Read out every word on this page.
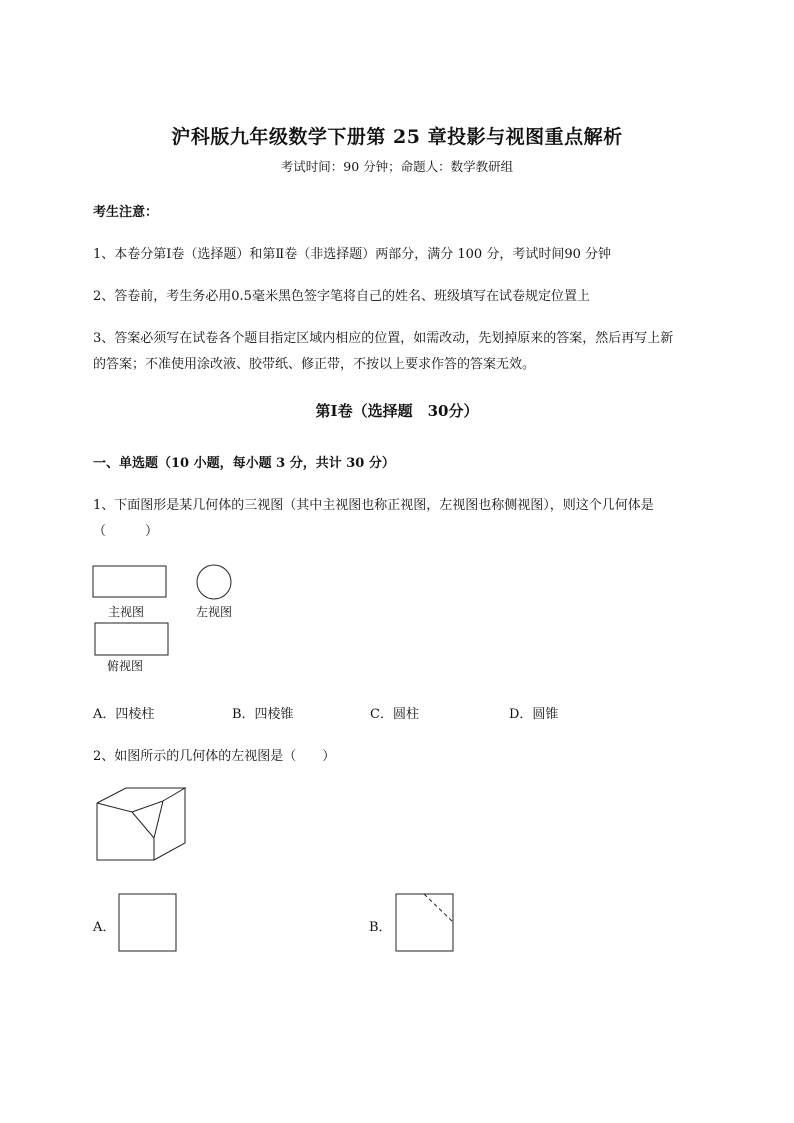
沪科版九年级数学下册第 25 章投影与视图重点解析
考试时间：90 分钟；命题人：数学教研组
考生注意：
1、本卷分第Ⅰ卷（选择题）和第Ⅱ卷（非选择题）两部分，满分 100 分，考试时间90 分钟
2、答卷前，考生务必用0.5毫米黑色签字笔将自己的姓名、班级填写在试卷规定位置上
3、答案必须写在试卷各个题目指定区域内相应的位置，如需改动，先划掉原来的答案，然后再写上新
的答案；不准使用涂改液、胶带纸、修正带，不按以上要求作答的答案无效。
第Ⅰ卷（选择题　30分）
一、单选题（10 小题，每小题 3 分，共计 30 分）
1、下面图形是某几何体的三视图（其中主视图也称正视图，左视图也称侧视图），则这个几何体是
（　　　）
主视图	左视图
俯视图
A．四棱柱	B．四棱锥	C．圆柱	D．圆锥
2、如图所示的几何体的左视图是（　　）
A．	B．
